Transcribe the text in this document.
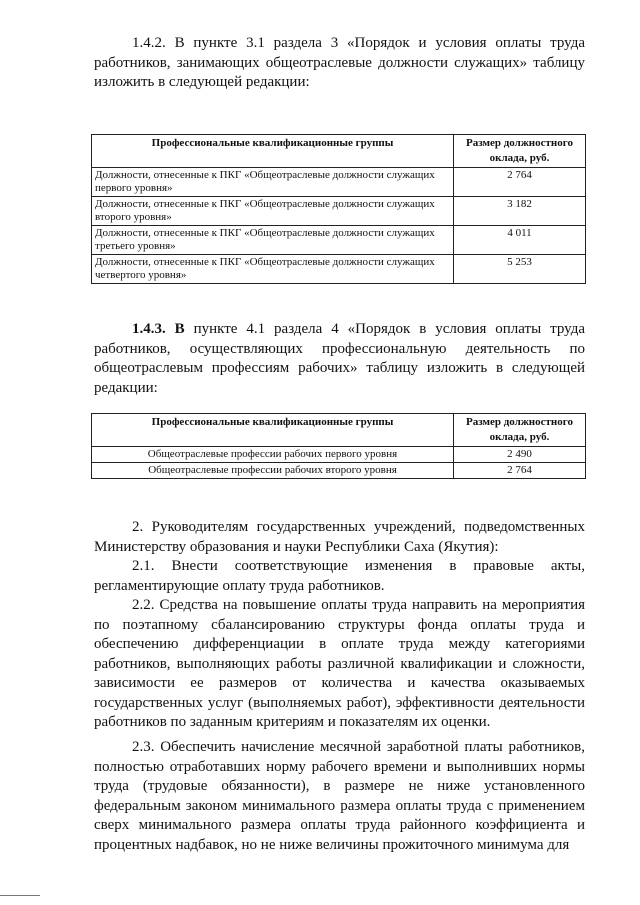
1.4.2. В пункте 3.1 раздела 3 «Порядок и условия оплаты труда работников, занимающих общеотраслевые должности служащих» таблицу изложить в следующей редакции:

Профессиональные квалификационные группы	Размер должностного оклада, руб.
Должности, отнесенные к ПКГ «Общеотраслевые должности служащих первого уровня»	2 764
Должности, отнесенные к ПКГ «Общеотраслевые должности служащих второго уровня»	3 182
Должности, отнесенные к ПКГ «Общеотраслевые должности служащих третьего уровня»	4 011
Должности, отнесенные к ПКГ «Общеотраслевые должности служащих четвертого уровня»	5 253

1.4.3. В пункте 4.1 раздела 4 «Порядок в условия оплаты труда работников, осуществляющих профессиональную деятельность по общеотраслевым профессиям рабочих» таблицу изложить в следующей редакции:

Профессиональные квалификационные группы	Размер должностного оклада, руб.
Общеотраслевые профессии рабочих первого уровня	2 490
Общеотраслевые профессии рабочих второго уровня	2 764

2. Руководителям государственных учреждений, подведомственных Министерству образования и науки Республики Саха (Якутия):

2.1. Внести соответствующие изменения в правовые акты, регламентирующие оплату труда работников.

2.2. Средства на повышение оплаты труда направить на мероприятия по поэтапному сбалансированию структуры фонда оплаты труда и обеспечению дифференциации в оплате труда между категориями работников, выполняющих работы различной квалификации и сложности, зависимости ее размеров от количества и качества оказываемых государственных услуг (выполняемых работ), эффективности деятельности работников по заданным критериям и показателям их оценки.

2.3. Обеспечить начисление месячной заработной платы работников, полностью отработавших норму рабочего времени и выполнивших нормы труда (трудовые обязанности), в размере не ниже установленного федеральным законом минимального размера оплаты труда с применением сверх минимального размера оплаты труда районного коэффициента и процентных надбавок, но не ниже величины прожиточного минимума для
